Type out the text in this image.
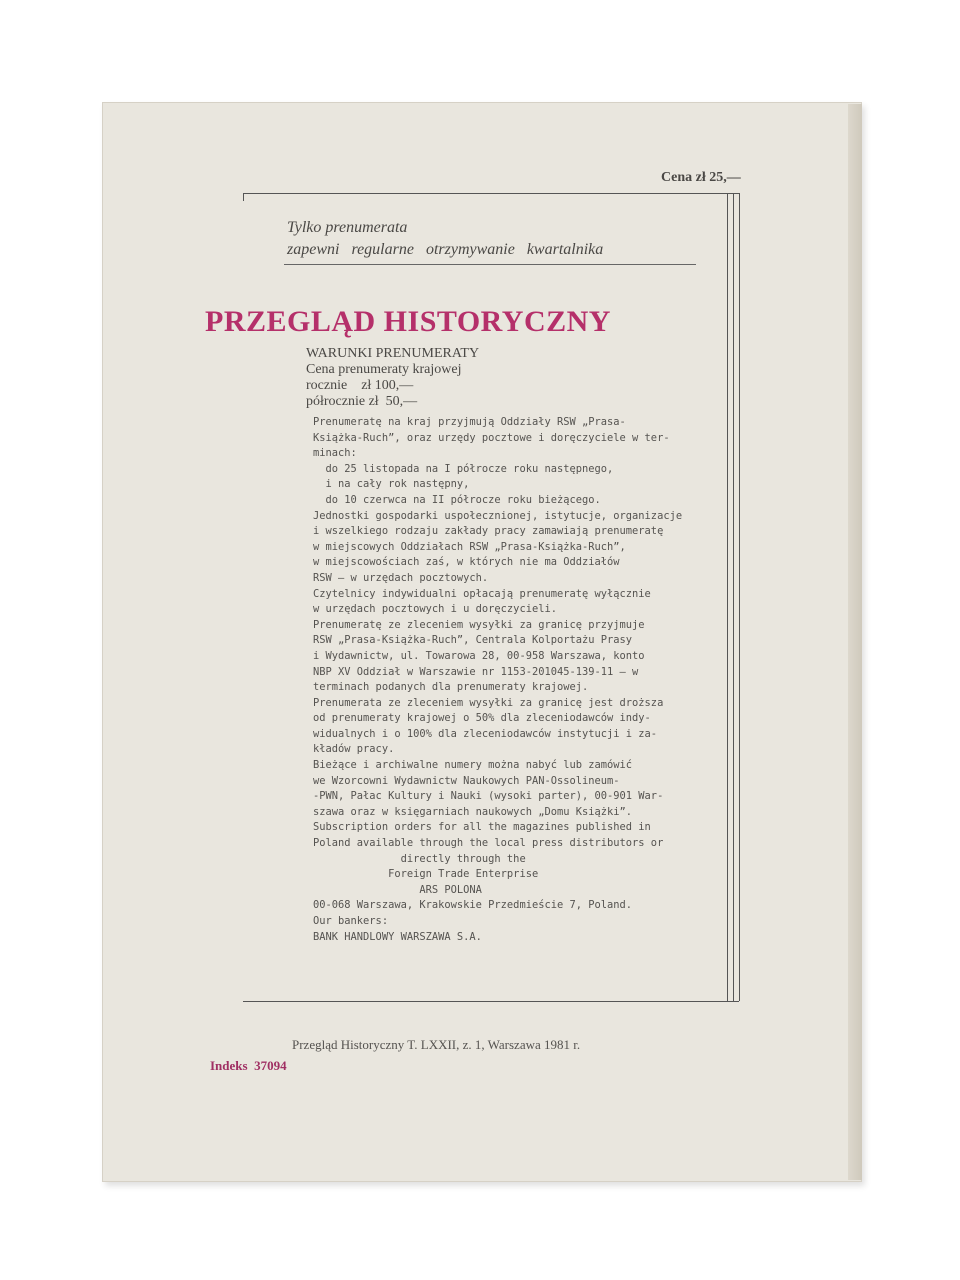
Cena zł 25,—
Tylko prenumerata
zapewni regularne otrzymywanie kwartalnika
PRZEGLĄD HISTORYCZNY
WARUNKI PRENUMERATY
Cena prenumeraty krajowej
rocznie    zł 100,—
półrocznie zł  50,—
Prenumeratę na kraj przyjmują Oddziały RSW „Prasa-
Książka-Ruch”, oraz urzędy pocztowe i doręczyciele w ter-
minach:
do 25 listopada na I półrocze roku następnego,
i na cały rok następny,
do 10 czerwca na II półrocze roku bieżącego.
Jednostki gospodarki uspołecznionej, istytucje, organizacje
i wszelkiego rodzaju zakłady pracy zamawiają prenumeratę
w miejscowych Oddziałach RSW „Prasa-Książka-Ruch”,
w miejscowościach zaś, w których nie ma Oddziałów
RSW — w urzędach pocztowych.
Czytelnicy indywidualni opłacają prenumeratę wyłącznie
w urzędach pocztowych i u doręczycieli.
Prenumeratę ze zleceniem wysyłki za granicę przyjmuje
RSW „Prasa-Książka-Ruch”, Centrala Kolportażu Prasy
i Wydawnictw, ul. Towarowa 28, 00-958 Warszawa, konto
NBP XV Oddział w Warszawie nr 1153-201045-139-11 — w
terminach podanych dla prenumeraty krajowej.
Prenumerata ze zleceniem wysyłki za granicę jest droższa
od prenumeraty krajowej o 50% dla zleceniodawców indy-
widualnych i o 100% dla zleceniodawców instytucji i za-
kładów pracy.
Bieżące i archiwalne numery można nabyć lub zamówić
we Wzorcowni Wydawnictw Naukowych PAN-Ossolineum-
-PWN, Pałac Kultury i Nauki (wysoki parter), 00-901 War-
szawa oraz w księgarniach naukowych „Domu Książki”.
Subscription orders for all the magazines published in
Poland available through the local press distributors or
directly through the
Foreign Trade Enterprise
ARS POLONA
00-068 Warszawa, Krakowskie Przedmieście 7, Poland.
Our bankers:
BANK HANDLOWY WARSZAWA S.A.
Przegląd Historyczny T. LXXII, z. 1, Warszawa 1981 r.
Indeks  37094
